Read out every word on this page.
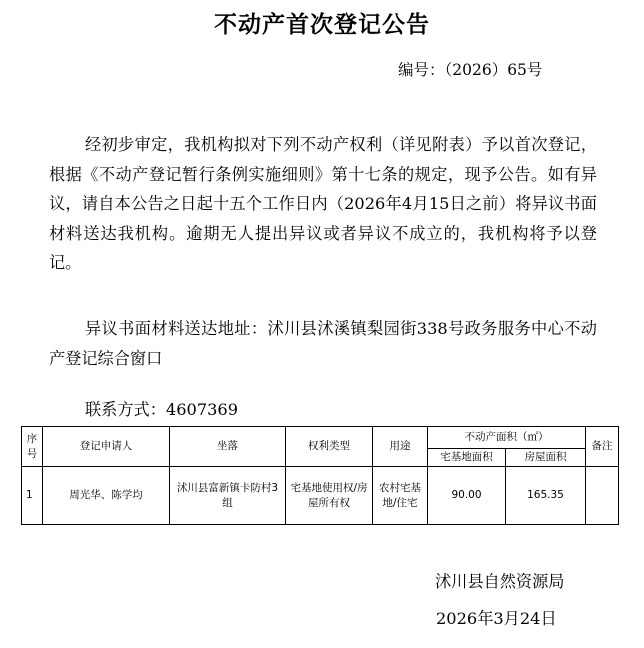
不动产首次登记公告
编号：（2026）65号

经初步审定，我机构拟对下列不动产权利（详见附表）予以首次登记，根据《不动产登记暂行条例实施细则》第十七条的规定，现予公告。如有异议，请自本公告之日起十五个工作日内（2026年4月15日之前）将异议书面材料送达我机构。逾期无人提出异议或者异议不成立的，我机构将予以登记。

异议书面材料送达地址：沭川县沭溪镇梨园街338号政务服务中心不动产登记综合窗口

联系方式：4607369
序号	登记申请人	坐落	权利类型	用途	不动产面积（㎡）		备注
					宅基地面积	房屋面积	
1	周光华、陈学均	沭川县富新镇卡防村3组	宅基地使用权/房屋所有权	农村宅基地/住宅	90.00	165.35	
沭川县自然资源局
2026年3月24日
